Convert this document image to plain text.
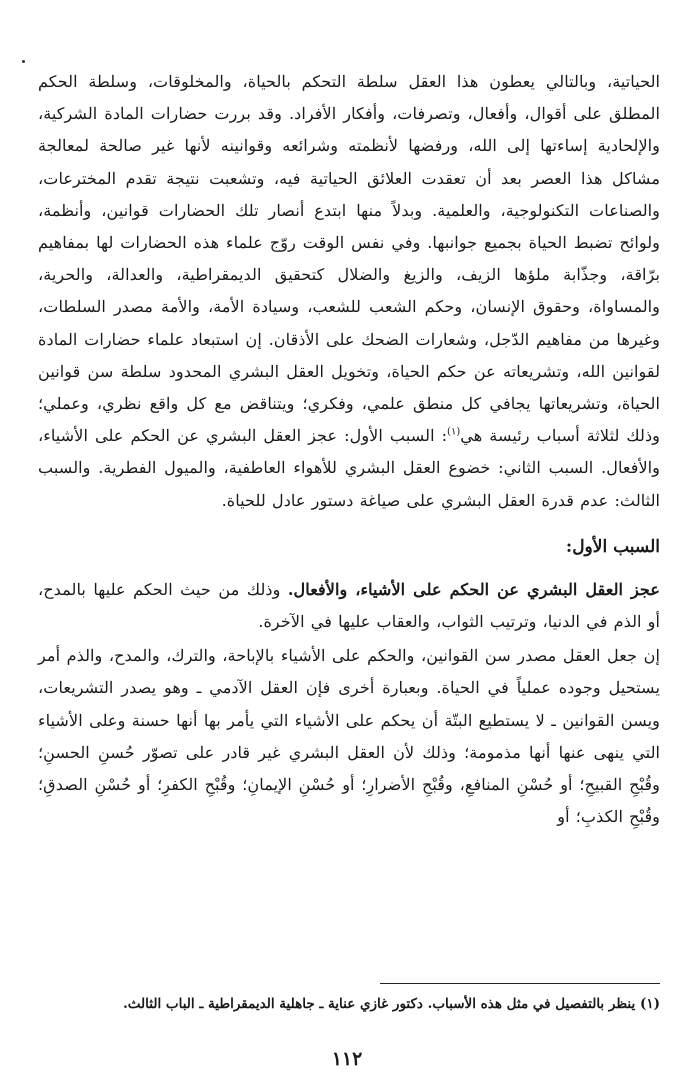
الحياتية، وبالتالي يعطون هذا العقل سلطة التحكم بالحياة، والمخلوقات، وسلطة الحكم المطلق على أقوال، وأفعال، وتصرفات، وأفكار الأفراد. وقد بررت حضارات المادة الشركية، والإلحادية إساءتها إلى الله، ورفضها لأنظمته وشرائعه وقوانينه لأنها غير صالحة لمعالجة مشاكل هذا العصر بعد أن تعقدت العلائق الحياتية فيه، وتشعبت نتيجة تقدم المخترعات، والصناعات التكنولوجية، والعلمية. وبدلاً منها ابتدع أنصار تلك الحضارات قوانين، وأنظمة، ولوائح تضبط الحياة بجميع جوانبها. وفي نفس الوقت روّج علماء هذه الحضارات لها بمفاهيم برّاقة، وجذّابة ملؤها الزيف، والزيغ والضلال كتحقيق الديمقراطية، والعدالة، والحرية، والمساواة، وحقوق الإنسان، وحكم الشعب للشعب، وسيادة الأمة، والأمة مصدر السلطات، وغيرها من مفاهيم الدّجل، وشعارات الضحك على الأذقان. إن استبعاد علماء حضارات المادة لقوانين الله، وتشريعاته عن حكم الحياة، وتخويل العقل البشري المحدود سلطة سن قوانين الحياة، وتشريعاتها يجافي كل منطق علمي، وفكري؛ ويتناقض مع كل واقع نظري، وعملي؛ وذلك لثلاثة أسباب رئيسة هي$^{(١)}$: السبب الأول: عجز العقل البشري عن الحكم على الأشياء، والأفعال. السبب الثاني: خضوع العقل البشري للأهواء العاطفية، والميول الفطرية. والسبب الثالث: عدم قدرة العقل البشري على صياغة دستور عادل للحياة.

السبب الأول:

عجز العقل البشري عن الحكم على الأشياء، والأفعال. وذلك من حيث الحكم عليها بالمدح، أو الذم في الدنيا، وترتيب الثواب، والعقاب عليها في الآخرة.

إن جعل العقل مصدر سن القوانين، والحكم على الأشياء بالإباحة، والترك، والمدح، والذم أمر يستحيل وجوده عملياً في الحياة. وبعبارة أخرى فإن العقل الآدمي ـ وهو يصدر التشريعات، ويسن القوانين ـ لا يستطيع البتّة أن يحكم على الأشياء التي يأمر بها أنها حسنة وعلى الأشياء التي ينهى عنها أنها مذمومة؛ وذلك لأن العقل البشري غير قادر على تصوّر حُسنِ الحسنِ؛ وقُبْحِ القبيحِ؛ أو حُسْنِ المنافعِ، وقُبْحِ الأضرارِ؛ أو حُسْنِ الإيمانِ؛ وقُبْحِ الكفرِ؛ أو حُسْنِ الصدقِ؛ وقُبْحِ الكذبِ؛ أو

(١) ينظر بالتفصيل في مثل هذه الأسباب. دكتور غازي عناية ـ جاهلية الديمقراطية ـ الباب الثالث.

١١٢
